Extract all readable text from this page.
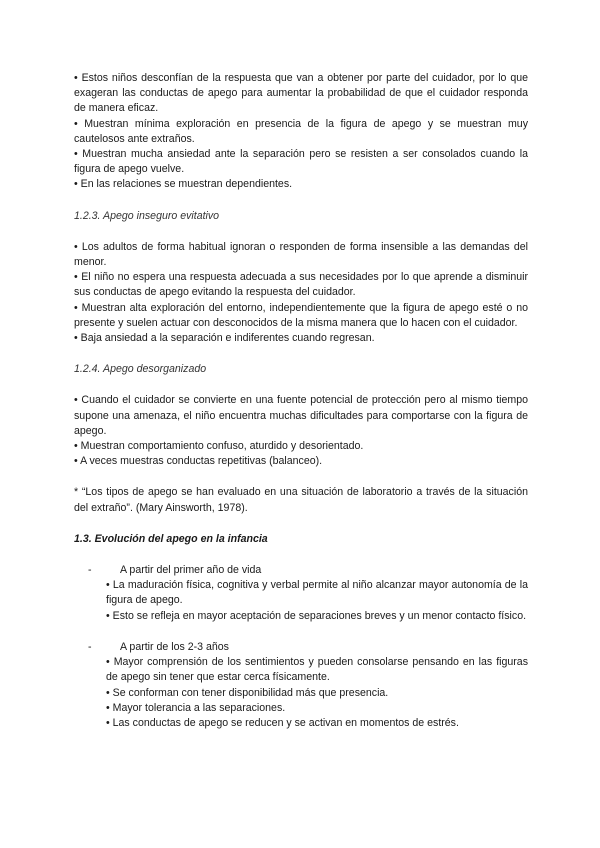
• Estos niños desconfían de la respuesta que van a obtener por parte del cuidador, por lo que exageran las conductas de apego para aumentar la probabilidad de que el cuidador responda de manera eficaz.

• Muestran mínima exploración en presencia de la figura de apego y se muestran muy cautelosos ante extraños.

• Muestran mucha ansiedad ante la separación pero se resisten a ser consolados cuando la figura de apego vuelve.

• En las relaciones se muestran dependientes.

1.2.3. Apego inseguro evitativo

• Los adultos de forma habitual ignoran o responden de forma insensible a las demandas del menor.

• El niño no espera una respuesta adecuada a sus necesidades por lo que aprende a disminuir sus conductas de apego evitando la respuesta del cuidador.

• Muestran alta exploración del entorno, independientemente que la figura de apego esté o no presente y suelen actuar con desconocidos de la misma manera que lo hacen con el cuidador.

• Baja ansiedad a la separación e indiferentes cuando regresan.

1.2.4. Apego desorganizado

• Cuando el cuidador se convierte en una fuente potencial de protección pero al mismo tiempo supone una amenaza, el niño encuentra muchas dificultades para comportarse con la figura de apego.

• Muestran comportamiento confuso, aturdido y desorientado.

• A veces muestras conductas repetitivas (balanceo).

* “Los tipos de apego se han evaluado en una situación de laboratorio a través de la situación del extraño”. (Mary Ainsworth, 1978).

1.3. Evolución del apego en la infancia

-	A partir del primer año de vida

• La maduración física, cognitiva y verbal permite al niño alcanzar mayor autonomía de la figura de apego.

• Esto se refleja en mayor aceptación de separaciones breves y un menor contacto físico.

-	A partir de los 2-3 años

• Mayor comprensión de los sentimientos y pueden consolarse pensando en las figuras de apego sin tener que estar cerca físicamente.

• Se conforman con tener disponibilidad más que presencia.

• Mayor tolerancia a las separaciones.

• Las conductas de apego se reducen y se activan en momentos de estrés.
